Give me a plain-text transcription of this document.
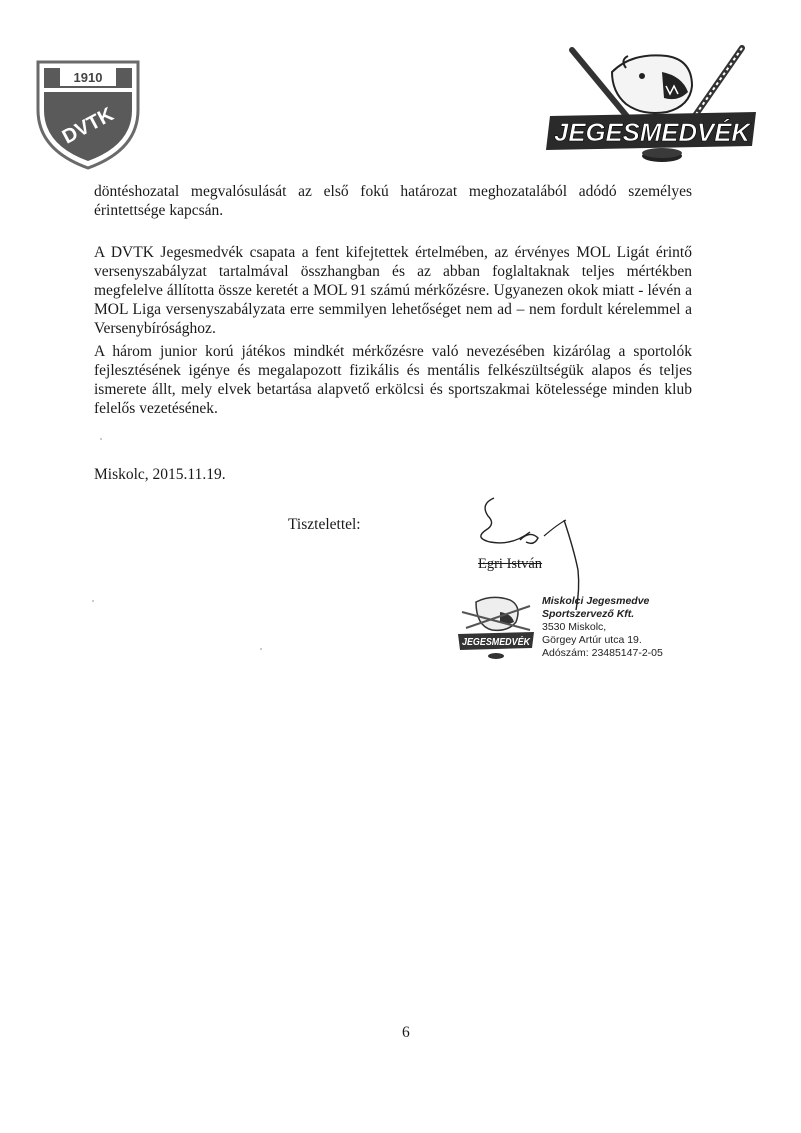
1910
DVTK	JEGESMEDVÉK

döntéshozatal megvalósulását az első fokú határozat meghozatalából adódó személyes érintettsége kapcsán.

A DVTK Jegesmedvék csapata a fent kifejtettek értelmében, az érvényes MOL Ligát érintő versenyszabályzat tartalmával összhangban és az abban foglaltaknak teljes mértékben megfelelve állította össze keretét a MOL 91 számú mérkőzésre. Ugyanezen okok miatt - lévén a MOL Liga versenyszabályzata erre semmilyen lehetőséget nem ad – nem fordult kérelemmel a Versenybírósághoz.

A három junior korú játékos mindkét mérkőzésre való nevezésében kizárólag a sportolók fejlesztésének igénye és megalapozott fizikális és mentális felkészültségük alapos és teljes ismerete állt, mely elvek betartása alapvető erkölcsi és sportszakmai kötelessége minden klub felelős vezetésének.

Miskolc, 2015.11.19.
Tisztelettel:
Egri István
JEGESMEDVÉK
Miskolci Jegesmedve
Sportszervező Kft.
3530 Miskolc,
Görgey Artúr utca 19.
Adószám: 23485147-2-05
6
